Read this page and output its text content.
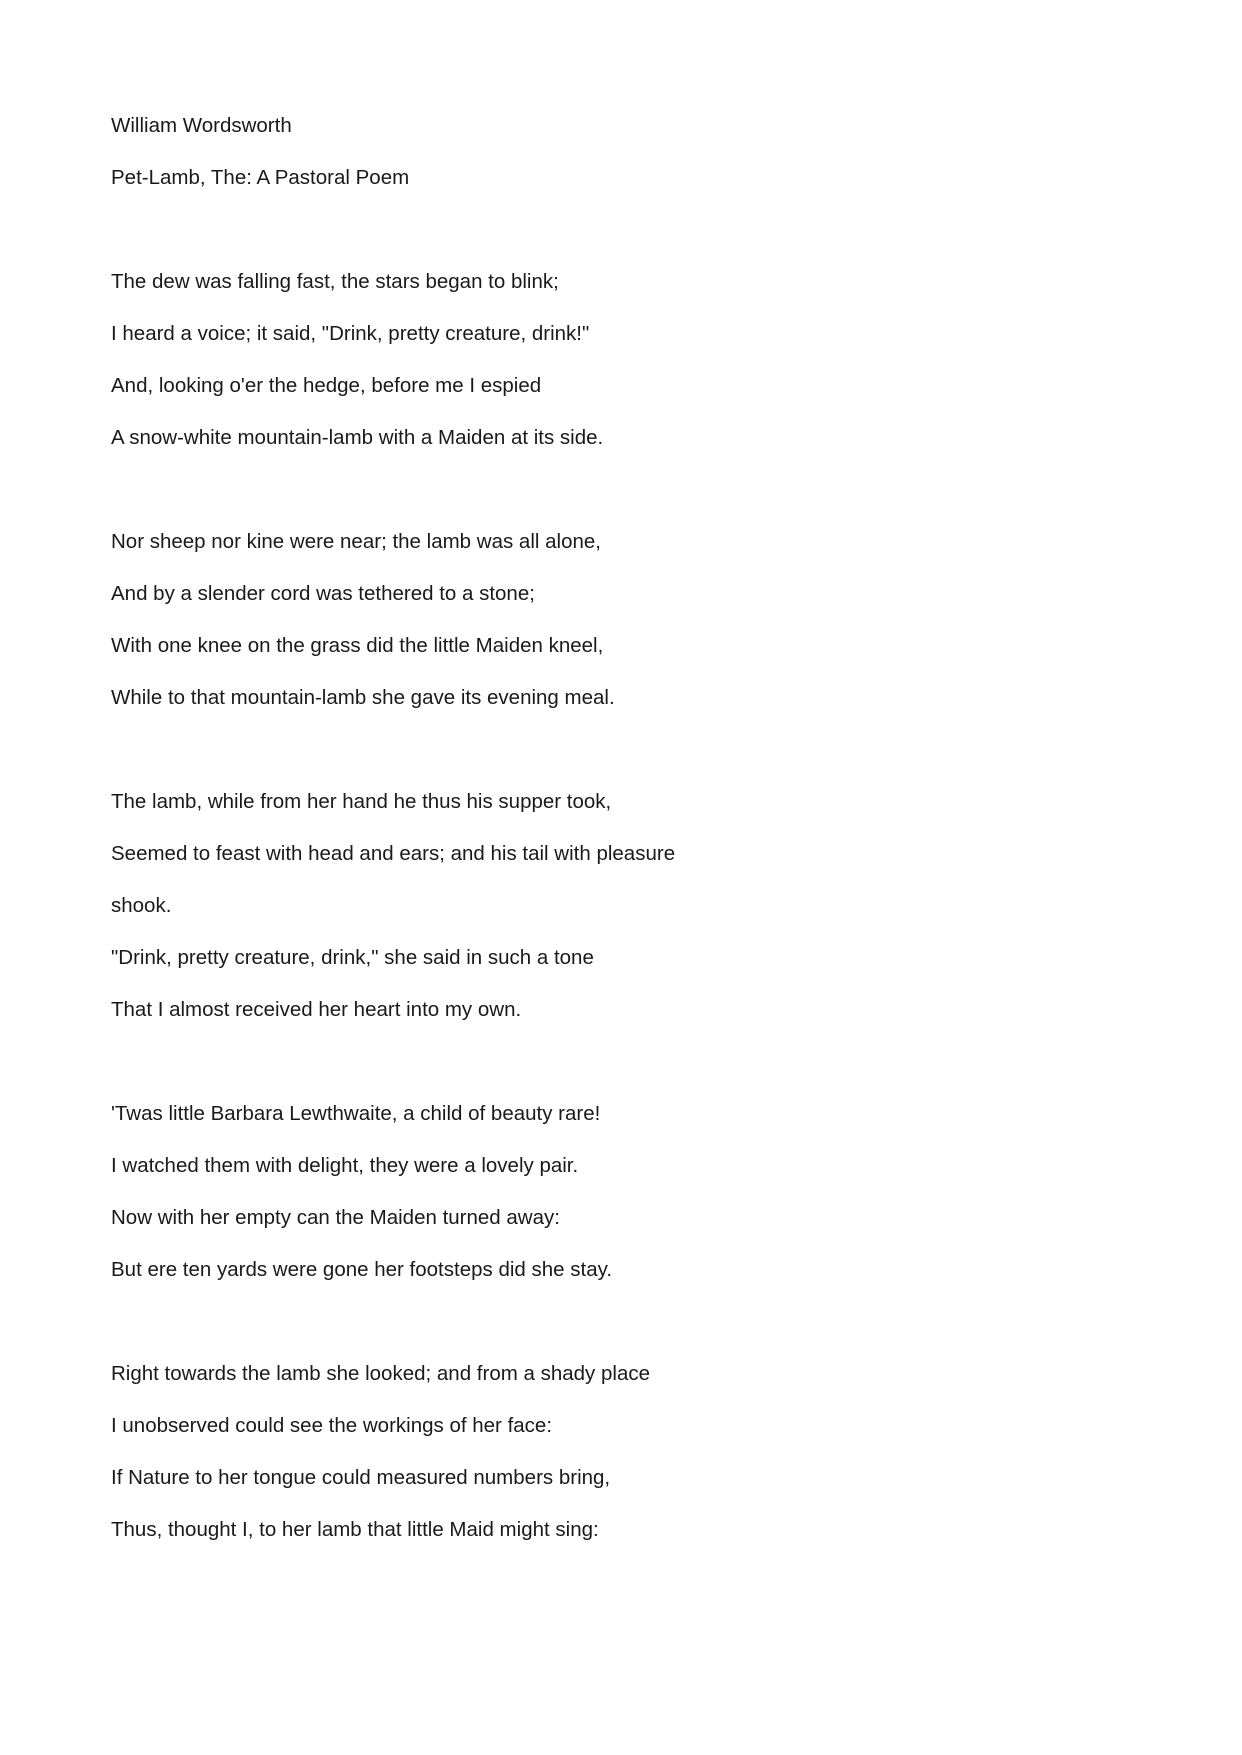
William Wordsworth
Pet-Lamb, The: A Pastoral Poem
The dew was falling fast, the stars began to blink;
I heard a voice; it said, "Drink, pretty creature, drink!"
And, looking o'er the hedge, before me I espied
A snow-white mountain-lamb with a Maiden at its side.
Nor sheep nor kine were near; the lamb was all alone,
And by a slender cord was tethered to a stone;
With one knee on the grass did the little Maiden kneel,
While to that mountain-lamb she gave its evening meal.
The lamb, while from her hand he thus his supper took,
Seemed to feast with head and ears; and his tail with pleasure
shook.
"Drink, pretty creature, drink," she said in such a tone
That I almost received her heart into my own.
'Twas little Barbara Lewthwaite, a child of beauty rare!
I watched them with delight, they were a lovely pair.
Now with her empty can the Maiden turned away:
But ere ten yards were gone her footsteps did she stay.
Right towards the lamb she looked; and from a shady place
I unobserved could see the workings of her face:
If Nature to her tongue could measured numbers bring,
Thus, thought I, to her lamb that little Maid might sing:
